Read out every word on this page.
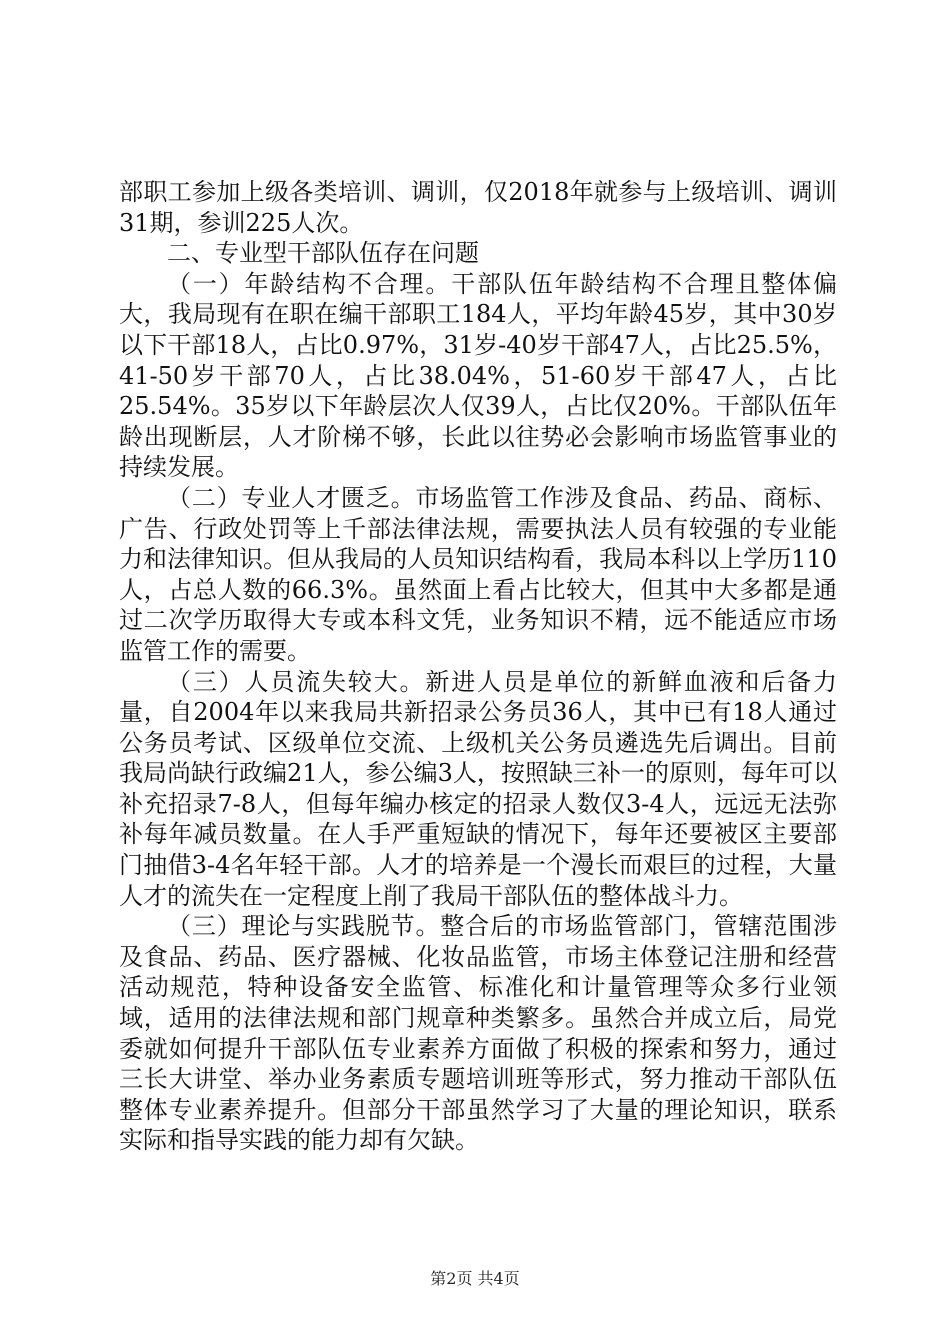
部职工参加上级各类培训、调训，仅2018年就参与上级培训、调训31期，参训225人次。

二、专业型干部队伍存在问题

（一）年龄结构不合理。干部队伍年龄结构不合理且整体偏大，我局现有在职在编干部职工184人，平均年龄45岁，其中30岁以下干部18人，占比0.97%，31岁-40岁干部47人，占比25.5%，41-50岁干部70人，占比38.04%，51-60岁干部47人，占比25.54%。35岁以下年龄层次人仅39人，占比仅20%。干部队伍年龄出现断层，人才阶梯不够，长此以往势必会影响市场监管事业的持续发展。

（二）专业人才匮乏。市场监管工作涉及食品、药品、商标、广告、行政处罚等上千部法律法规，需要执法人员有较强的专业能力和法律知识。但从我局的人员知识结构看，我局本科以上学历110人，占总人数的66.3%。虽然面上看占比较大，但其中大多都是通过二次学历取得大专或本科文凭，业务知识不精，远不能适应市场监管工作的需要。

（三）人员流失较大。新进人员是单位的新鲜血液和后备力量，自2004年以来我局共新招录公务员36人，其中已有18人通过公务员考试、区级单位交流、上级机关公务员遴选先后调出。目前我局尚缺行政编21人，参公编3人，按照缺三补一的原则，每年可以补充招录7-8人，但每年编办核定的招录人数仅3-4人，远远无法弥补每年减员数量。在人手严重短缺的情况下，每年还要被区主要部门抽借3-4名年轻干部。人才的培养是一个漫长而艰巨的过程，大量人才的流失在一定程度上削了我局干部队伍的整体战斗力。

（三）理论与实践脱节。整合后的市场监管部门，管辖范围涉及食品、药品、医疗器械、化妆品监管，市场主体登记注册和经营活动规范，特种设备安全监管、标准化和计量管理等众多行业领域，适用的法律法规和部门规章种类繁多。虽然合并成立后，局党委就如何提升干部队伍专业素养方面做了积极的探索和努力，通过三长大讲堂、举办业务素质专题培训班等形式，努力推动干部队伍整体专业素养提升。但部分干部虽然学习了大量的理论知识，联系实际和指导实践的能力却有欠缺。

第2页 共4页
